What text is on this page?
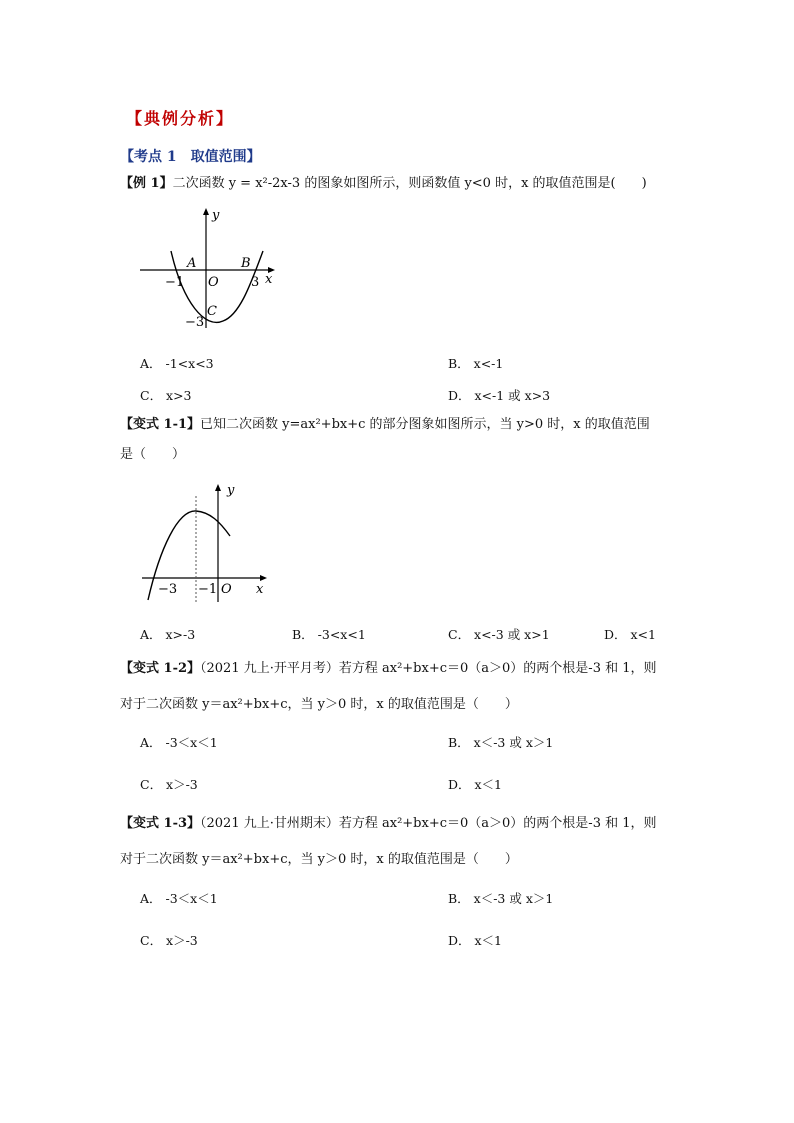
【典例分析】
【考点 1　取值范围】
【例 1】二次函数 y = x²-2x-3 的图象如图所示，则函数值 y<0 时，x 的取值范围是(　　)
y
x
A	B
O
C
−1	3
−3
A． -1<x<3	B． x<-1
C． x>3	D． x<-1 或 x>3
【变式 1-1】已知二次函数 y=ax²+bx+c 的部分图象如图所示，当 y>0 时，x 的取值范围
是（　　）
y
x
−3 −1 O
A． x>-3	B． -3<x<1	C． x<-3 或 x>1	D． x<1
【变式 1-2】（2021 九上·开平月考）若方程 ax²+bx+c＝0（a＞0）的两个根是-3 和 1，则
对于二次函数 y＝ax²+bx+c，当 y＞0 时，x 的取值范围是（　　）
A． -3＜x＜1	B． x＜-3 或 x＞1
C． x＞-3	D． x＜1
【变式 1-3】（2021 九上·甘州期末）若方程 ax²+bx+c＝0（a＞0）的两个根是-3 和 1，则
对于二次函数 y＝ax²+bx+c，当 y＞0 时，x 的取值范围是（　　）
A． -3＜x＜1	B． x＜-3 或 x＞1
C． x＞-3	D． x＜1
